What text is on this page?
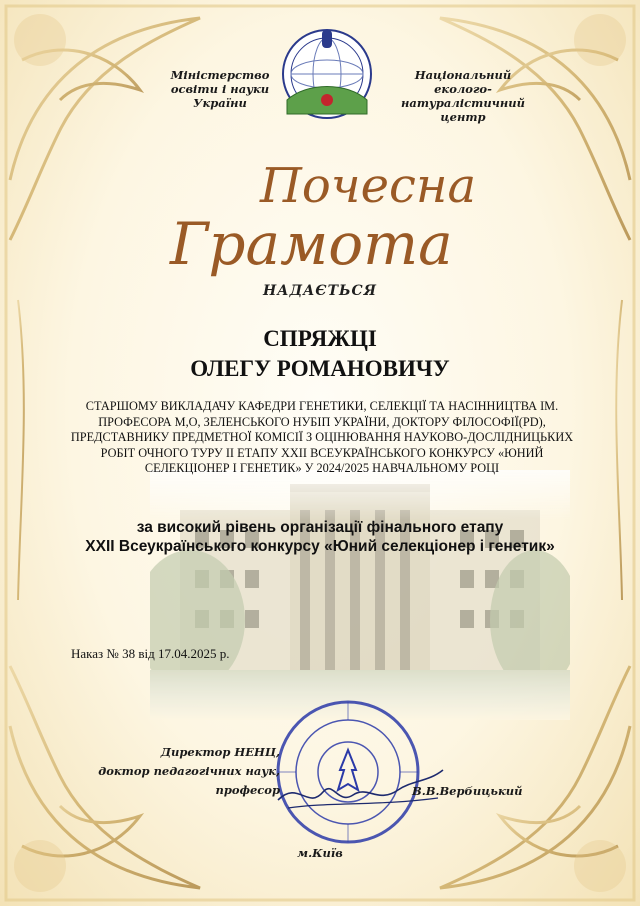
Міністерство
освіти і науки України
Національний
еколого-натуралістичний
центр
Почесна
Грамота
НАДАЄТЬСЯ
СПРЯЖЦІ
ОЛЕГУ РОМАНОВИЧУ
СТАРШОМУ ВИКЛАДАЧУ КАФЕДРИ ГЕНЕТИКИ, СЕЛЕКЦІЇ ТА НАСІННИЦТВА ІМ. ПРОФЕСОРА М,О, ЗЕЛЕНСЬКОГО НУБІП УКРАЇНИ, ДОКТОРУ ФІЛОСОФІЇ(PD), ПРЕДСТАВНИКУ ПРЕДМЕТНОЇ КОМІСІЇ З ОЦІНЮВАННЯ НАУКОВО-ДОСЛІДНИЦЬКИХ РОБІТ ОЧНОГО ТУРУ ІІ ЕТАПУ ХХІІ ВСЕУКРАЇНСЬКОГО КОНКУРСУ «ЮНИЙ СЕЛЕКЦІОНЕР І ГЕНЕТИК» У 2024/2025 НАВЧАЛЬНОМУ РОЦІ
за високий рівень організації фінального етапу
ХХІІ Всеукраїнського конкурсу «Юний селекціонер і генетик»
Наказ № 38 від 17.04.2025 р.
Директор НЕНЦ,
доктор педагогічних наук,
професор	В.В.Вербицький
м.Київ
